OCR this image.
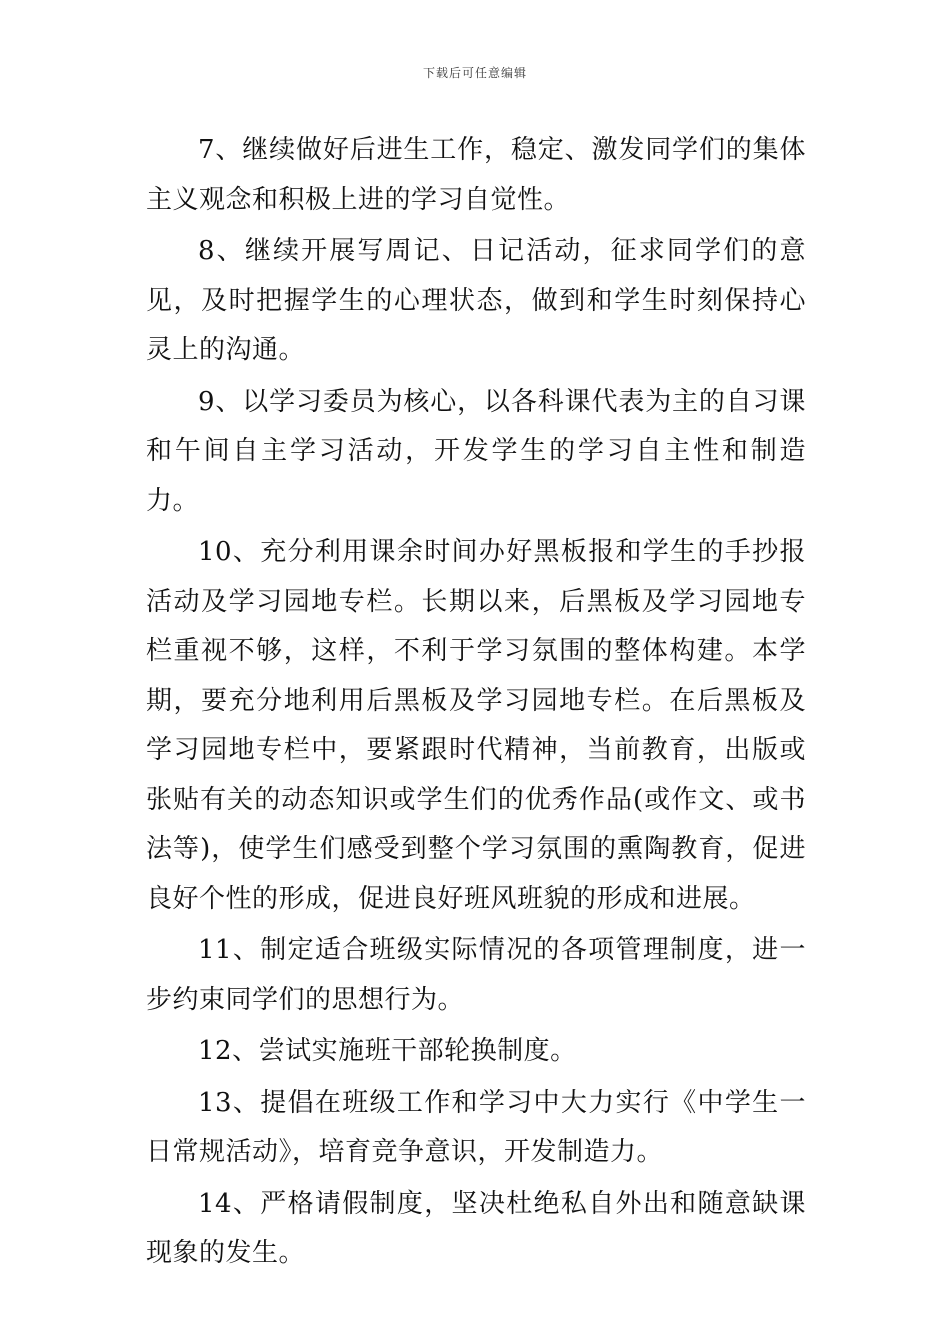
下载后可任意编辑

7、继续做好后进生工作，稳定、激发同学们的集体主义观念和积极上进的学习自觉性。

8、继续开展写周记、日记活动，征求同学们的意见，及时把握学生的心理状态，做到和学生时刻保持心灵上的沟通。

9、以学习委员为核心，以各科课代表为主的自习课和午间自主学习活动，开发学生的学习自主性和制造力。

10、充分利用课余时间办好黑板报和学生的手抄报活动及学习园地专栏。长期以来，后黑板及学习园地专栏重视不够，这样，不利于学习氛围的整体构建。本学期，要充分地利用后黑板及学习园地专栏。在后黑板及学习园地专栏中，要紧跟时代精神，当前教育，出版或张贴有关的动态知识或学生们的优秀作品(或作文、或书法等)，使学生们感受到整个学习氛围的熏陶教育，促进良好个性的形成，促进良好班风班貌的形成和进展。

11、制定适合班级实际情况的各项管理制度，进一步约束同学们的思想行为。

12、尝试实施班干部轮换制度。

13、提倡在班级工作和学习中大力实行《中学生一日常规活动》，培育竞争意识，开发制造力。

14、严格请假制度，坚决杜绝私自外出和随意缺课现象的发生。
